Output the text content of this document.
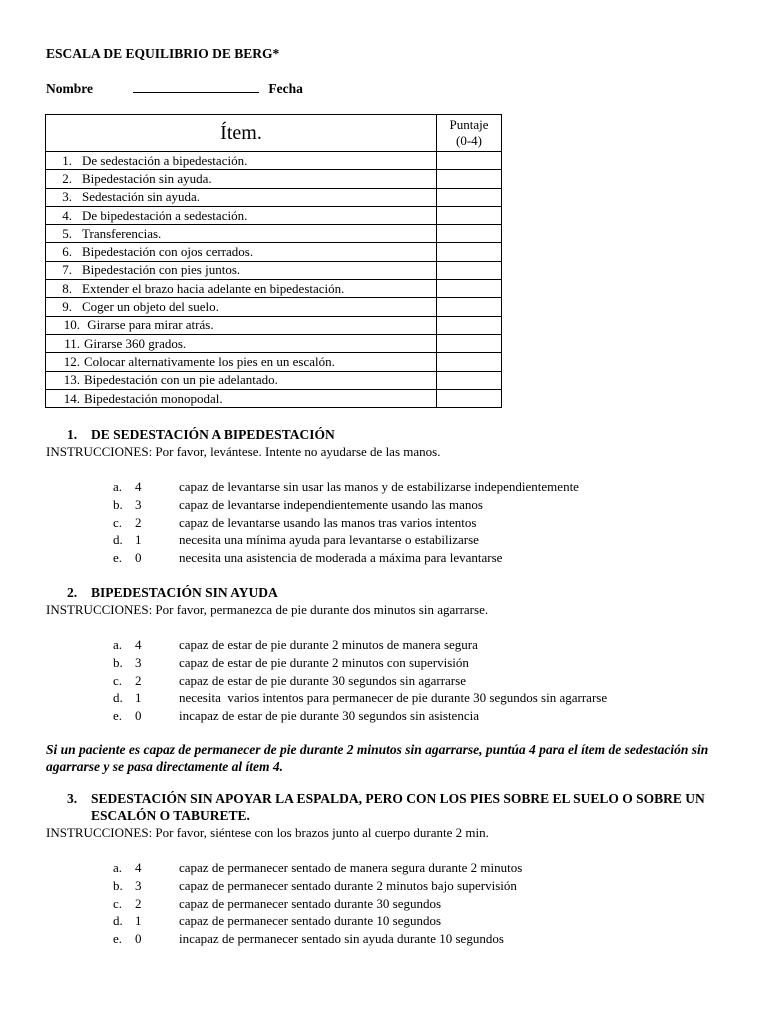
ESCALA DE EQUILIBRIO DE BERG*
Nombre	Fecha
Ítem.	Puntaje
(0-4)

1. De sedestación a bipedestación.	
2. Bipedestación sin ayuda.	
3. Sedestación sin ayuda.	
4. De bipedestación a sedestación.	
5. Transferencias.	
6. Bipedestación con ojos cerrados.	
7. Bipedestación con pies juntos.	
8. Extender el brazo hacia adelante en bipedestación.	
9. Coger un objeto del suelo.	
10. Girarse para mirar atrás.	
11. Girarse 360 grados.	
12. Colocar alternativamente los pies en un escalón.	
13. Bipedestación con un pie adelantado.	
14. Bipedestación monopodal.	
1. DE SEDESTACIÓN A BIPEDESTACIÓN
INSTRUCCIONES: Por favor, levántese. Intente no ayudarse de las manos.
a. 4	capaz de levantarse sin usar las manos y de estabilizarse independientemente
b. 3	capaz de levantarse independientemente usando las manos
c. 2	capaz de levantarse usando las manos tras varios intentos
d. 1	necesita una mínima ayuda para levantarse o estabilizarse
e. 0	necesita una asistencia de moderada a máxima para levantarse
2. BIPEDESTACIÓN SIN AYUDA
INSTRUCCIONES: Por favor, permanezca de pie durante dos minutos sin agarrarse.
a. 4	capaz de estar de pie durante 2 minutos de manera segura
b. 3	capaz de estar de pie durante 2 minutos con supervisión
c. 2	capaz de estar de pie durante 30 segundos sin agarrarse
d. 1	necesita  varios intentos para permanecer de pie durante 30 segundos sin agarrarse
e. 0	incapaz de estar de pie durante 30 segundos sin asistencia
Si un paciente es capaz de permanecer de pie durante 2 minutos sin agarrarse, puntúa 4 para el ítem de sedestación sin agarrarse y se pasa directamente al ítem 4.
3. SEDESTACIÓN SIN APOYAR LA ESPALDA, PERO CON LOS PIES SOBRE EL SUELO O SOBRE UN ESCALÓN O TABURETE.
INSTRUCCIONES: Por favor, siéntese con los brazos junto al cuerpo durante 2 min.
a. 4	capaz de permanecer sentado de manera segura durante 2 minutos
b. 3	capaz de permanecer sentado durante 2 minutos bajo supervisión
c. 2	capaz de permanecer sentado durante 30 segundos
d. 1	capaz de permanecer sentado durante 10 segundos
e. 0	incapaz de permanecer sentado sin ayuda durante 10 segundos
